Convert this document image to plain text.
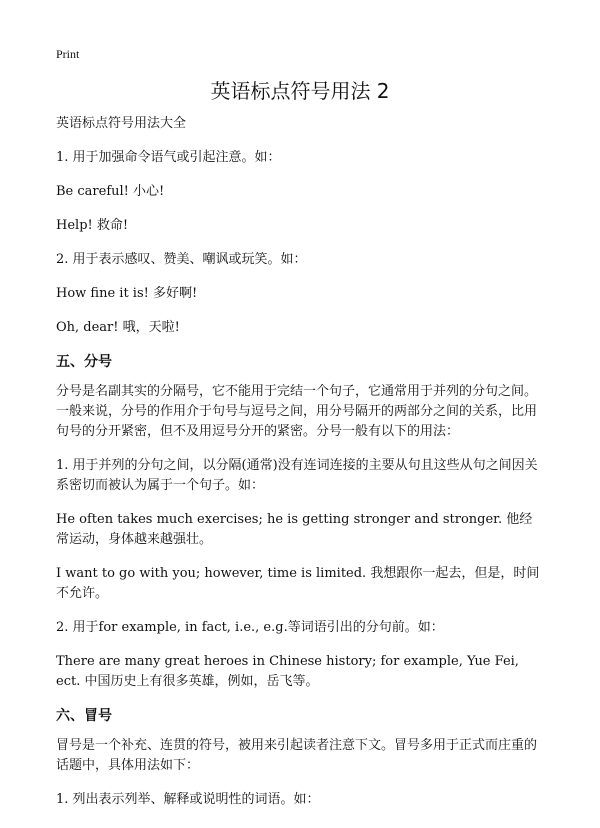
Print
英语标点符号用法 2
英语标点符号用法大全
1. 用于加强命令语气或引起注意。如：
Be careful! 小心!
Help! 救命!
2. 用于表示感叹、赞美、嘲讽或玩笑。如：
How fine it is! 多好啊!
Oh, dear! 哦，天啦!
五、分号
分号是名副其实的分隔号，它不能用于完结一个句子，它通常用于并列的分句之间。一般来说，分号的作用介于句号与逗号之间，用分号隔开的两部分之间的关系，比用句号的分开紧密，但不及用逗号分开的紧密。分号一般有以下的用法：
1. 用于并列的分句之间，以分隔(通常)没有连词连接的主要从句且这些从句之间因关系密切而被认为属于一个句子。如：
He often takes much exercises; he is getting stronger and stronger. 他经常运动，身体越来越强壮。
I want to go with you; however, time is limited. 我想跟你一起去，但是，时间不允许。
2. 用于for example, in fact, i.e., e.g.等词语引出的分句前。如：
There are many great heroes in Chinese history; for example, Yue Fei, ect. 中国历史上有很多英雄，例如，岳飞等。
六、冒号
冒号是一个补充、连贯的符号，被用来引起读者注意下文。冒号多用于正式而庄重的话题中，具体用法如下：
1. 列出表示列举、解释或说明性的词语。如：
